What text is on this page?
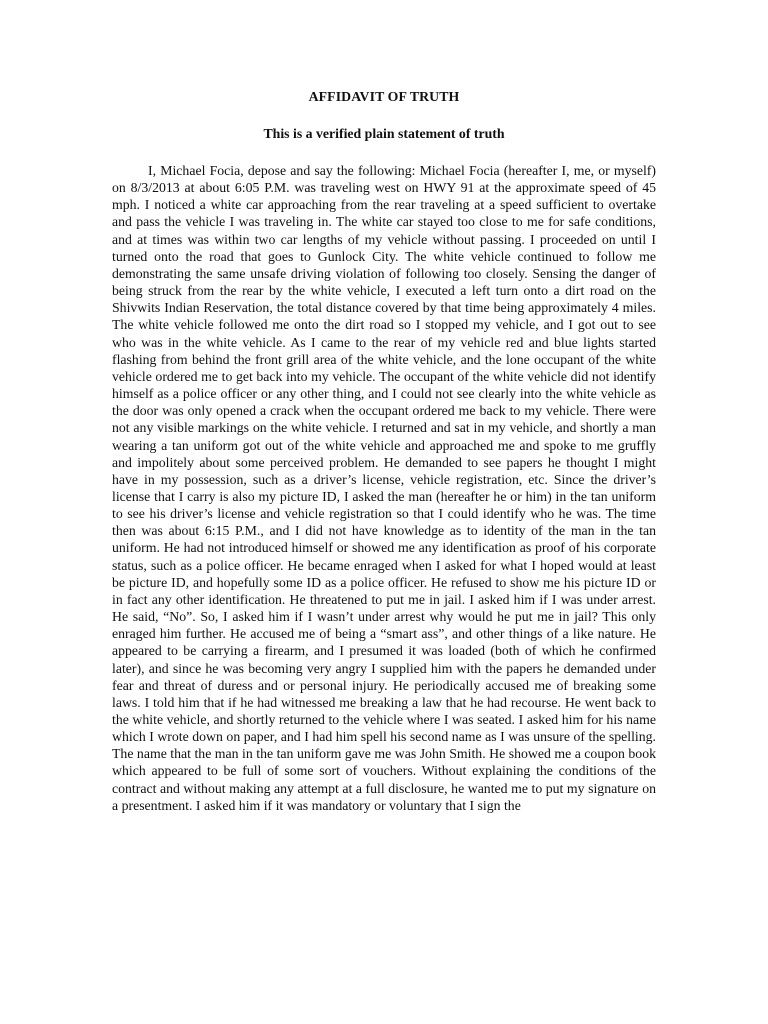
AFFIDAVIT OF TRUTH

This is a verified plain statement of truth

I, Michael Focia, depose and say the following: Michael Focia (hereafter I, me, or myself) on 8/3/2013 at about 6:05 P.M. was traveling west on HWY 91 at the approximate speed of 45 mph. I noticed a white car approaching from the rear traveling at a speed sufficient to overtake and pass the vehicle I was traveling in. The white car stayed too close to me for safe conditions, and at times was within two car lengths of my vehicle without passing. I proceeded on until I turned onto the road that goes to Gunlock City. The white vehicle continued to follow me demonstrating the same unsafe driving violation of following too closely. Sensing the danger of being struck from the rear by the white vehicle, I executed a left turn onto a dirt road on the Shivwits Indian Reservation, the total distance covered by that time being approximately 4 miles. The white vehicle followed me onto the dirt road so I stopped my vehicle, and I got out to see who was in the white vehicle. As I came to the rear of my vehicle red and blue lights started flashing from behind the front grill area of the white vehicle, and the lone occupant of the white vehicle ordered me to get back into my vehicle. The occupant of the white vehicle did not identify himself as a police officer or any other thing, and I could not see clearly into the white vehicle as the door was only opened a crack when the occupant ordered me back to my vehicle. There were not any visible markings on the white vehicle. I returned and sat in my vehicle, and shortly a man wearing a tan uniform got out of the white vehicle and approached me and spoke to me gruffly and impolitely about some perceived problem. He demanded to see papers he thought I might have in my possession, such as a driver’s license, vehicle registration, etc. Since the driver’s license that I carry is also my picture ID, I asked the man (hereafter he or him) in the tan uniform to see his driver’s license and vehicle registration so that I could identify who he was. The time then was about 6:15 P.M., and I did not have knowledge as to identity of the man in the tan uniform. He had not introduced himself or showed me any identification as proof of his corporate status, such as a police officer. He became enraged when I asked for what I hoped would at least be picture ID, and hopefully some ID as a police officer. He refused to show me his picture ID or in fact any other identification. He threatened to put me in jail. I asked him if I was under arrest. He said, “No”. So, I asked him if I wasn’t under arrest why would he put me in jail? This only enraged him further. He accused me of being a “smart ass”, and other things of a like nature. He appeared to be carrying a firearm, and I presumed it was loaded (both of which he confirmed later), and since he was becoming very angry I supplied him with the papers he demanded under fear and threat of duress and or personal injury. He periodically accused me of breaking some laws. I told him that if he had witnessed me breaking a law that he had recourse. He went back to the white vehicle, and shortly returned to the vehicle where I was seated. I asked him for his name which I wrote down on paper, and I had him spell his second name as I was unsure of the spelling. The name that the man in the tan uniform gave me was John Smith. He showed me a coupon book which appeared to be full of some sort of vouchers. Without explaining the conditions of the contract and without making any attempt at a full disclosure, he wanted me to put my signature on a presentment. I asked him if it was mandatory or voluntary that I sign the
